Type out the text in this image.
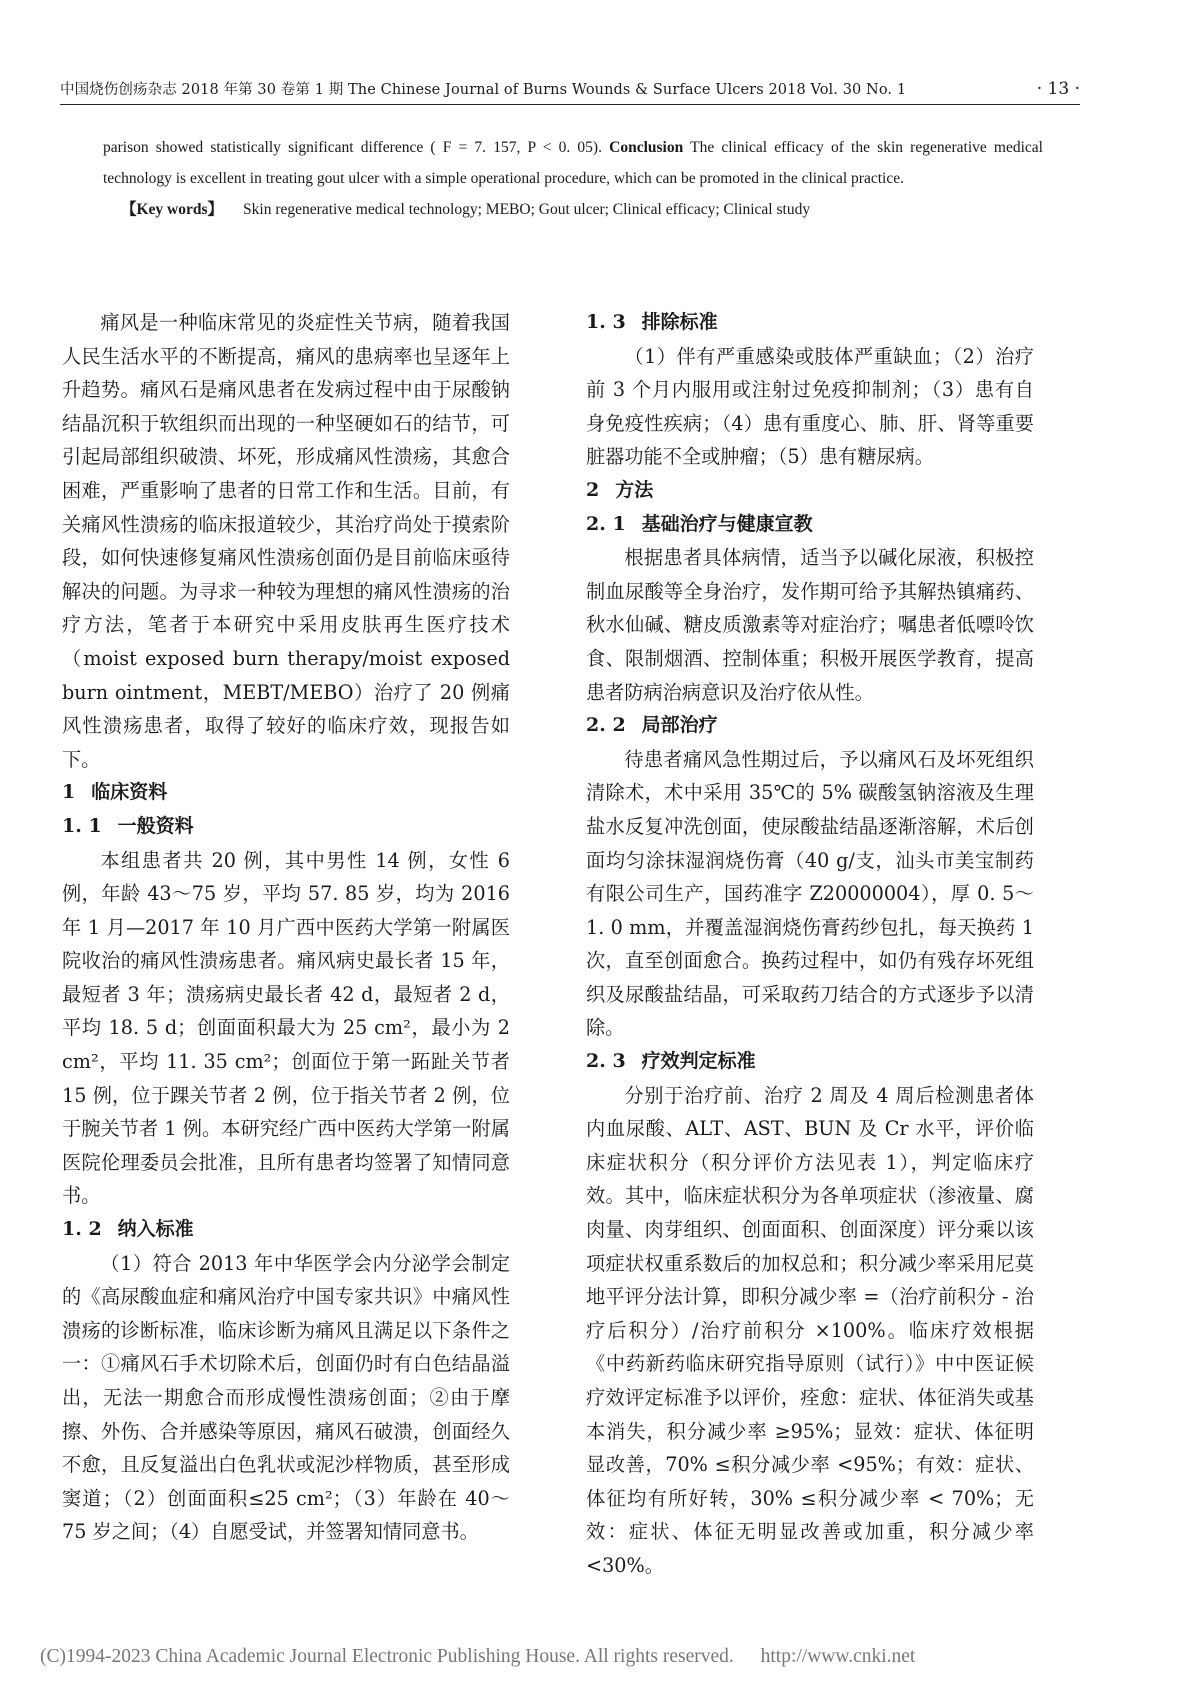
中国烧伤创疡杂志 2018 年第 30 卷第 1 期 The Chinese Journal of Burns Wounds & Surface Ulcers 2018 Vol. 30 No. 1	· 13 ·

parison showed statistically significant difference ( F = 7. 157, P < 0. 05). Conclusion The clinical efficacy of the skin regenerative medical technology is excellent in treating gout ulcer with a simple operational procedure, which can be promoted in the clinical practice.

【Key words】 Skin regenerative medical technology; MEBO; Gout ulcer; Clinical efficacy; Clinical study

痛风是一种临床常见的炎症性关节病，随着我国人民生活水平的不断提高，痛风的患病率也呈逐年上升趋势。痛风石是痛风患者在发病过程中由于尿酸钠结晶沉积于软组织而出现的一种坚硬如石的结节，可引起局部组织破溃、坏死，形成痛风性溃疡，其愈合困难，严重影响了患者的日常工作和生活。目前，有关痛风性溃疡的临床报道较少，其治疗尚处于摸索阶段，如何快速修复痛风性溃疡创面仍是目前临床亟待解决的问题。为寻求一种较为理想的痛风性溃疡的治疗方法，笔者于本研究中采用皮肤再生医疗技术（moist exposed burn therapy/moist exposed burn ointment，MEBT/MEBO）治疗了 20 例痛风性溃疡患者，取得了较好的临床疗效，现报告如下。

1 临床资料
1. 1 一般资料

本组患者共 20 例，其中男性 14 例，女性 6 例，年龄 43～75 岁，平均 57. 85 岁，均为 2016 年 1 月—2017 年 10 月广西中医药大学第一附属医院收治的痛风性溃疡患者。痛风病史最长者 15 年，最短者 3 年；溃疡病史最长者 42 d，最短者 2 d，平均 18. 5 d；创面面积最大为 25 cm²，最小为 2 cm²，平均 11. 35 cm²；创面位于第一跖趾关节者 15 例，位于踝关节者 2 例，位于指关节者 2 例，位于腕关节者 1 例。本研究经广西中医药大学第一附属医院伦理委员会批准，且所有患者均签署了知情同意书。

1. 2 纳入标准

（1）符合 2013 年中华医学会内分泌学会制定的《高尿酸血症和痛风治疗中国专家共识》中痛风性溃疡的诊断标准，临床诊断为痛风且满足以下条件之一：①痛风石手术切除术后，创面仍时有白色结晶溢出，无法一期愈合而形成慢性溃疡创面；②由于摩擦、外伤、合并感染等原因，痛风石破溃，创面经久不愈，且反复溢出白色乳状或泥沙样物质，甚至形成窦道；（2）创面面积≤25 cm²；（3）年龄在 40～75 岁之间；（4）自愿受试，并签署知情同意书。

1. 3 排除标准

（1）伴有严重感染或肢体严重缺血；（2）治疗前 3 个月内服用或注射过免疫抑制剂；（3）患有自身免疫性疾病；（4）患有重度心、肺、肝、肾等重要脏器功能不全或肿瘤；（5）患有糖尿病。

2 方法
2. 1 基础治疗与健康宣教

根据患者具体病情，适当予以碱化尿液，积极控制血尿酸等全身治疗，发作期可给予其解热镇痛药、秋水仙碱、糖皮质激素等对症治疗；嘱患者低嘌呤饮食、限制烟酒、控制体重；积极开展医学教育，提高患者防病治病意识及治疗依从性。

2. 2 局部治疗

待患者痛风急性期过后，予以痛风石及坏死组织清除术，术中采用 35℃的 5% 碳酸氢钠溶液及生理盐水反复冲洗创面，使尿酸盐结晶逐渐溶解，术后创面均匀涂抹湿润烧伤膏（40 g/支，汕头市美宝制药有限公司生产，国药准字 Z20000004），厚 0. 5～1. 0 mm，并覆盖湿润烧伤膏药纱包扎，每天换药 1 次，直至创面愈合。换药过程中，如仍有残存坏死组织及尿酸盐结晶，可采取药刀结合的方式逐步予以清除。

2. 3 疗效判定标准

分别于治疗前、治疗 2 周及 4 周后检测患者体内血尿酸、ALT、AST、BUN 及 Cr 水平，评价临床症状积分（积分评价方法见表 1），判定临床疗效。其中，临床症状积分为各单项症状（渗液量、腐肉量、肉芽组织、创面面积、创面深度）评分乘以该项症状权重系数后的加权总和；积分减少率采用尼莫地平评分法计算，即积分减少率 =（治疗前积分 - 治疗后积分）/治疗前积分 ×100%。临床疗效根据《中药新药临床研究指导原则（试行）》中中医证候疗效评定标准予以评价，痊愈：症状、体征消失或基本消失，积分减少率 ≥95%；显效：症状、体征明显改善，70% ≤积分减少率 <95%；有效：症状、体征均有所好转，30% ≤积分减少率 < 70%；无效：症状、体征无明显改善或加重，积分减少率 <30%。

(C)1994-2023 China Academic Journal Electronic Publishing House. All rights reserved. http://www.cnki.net
